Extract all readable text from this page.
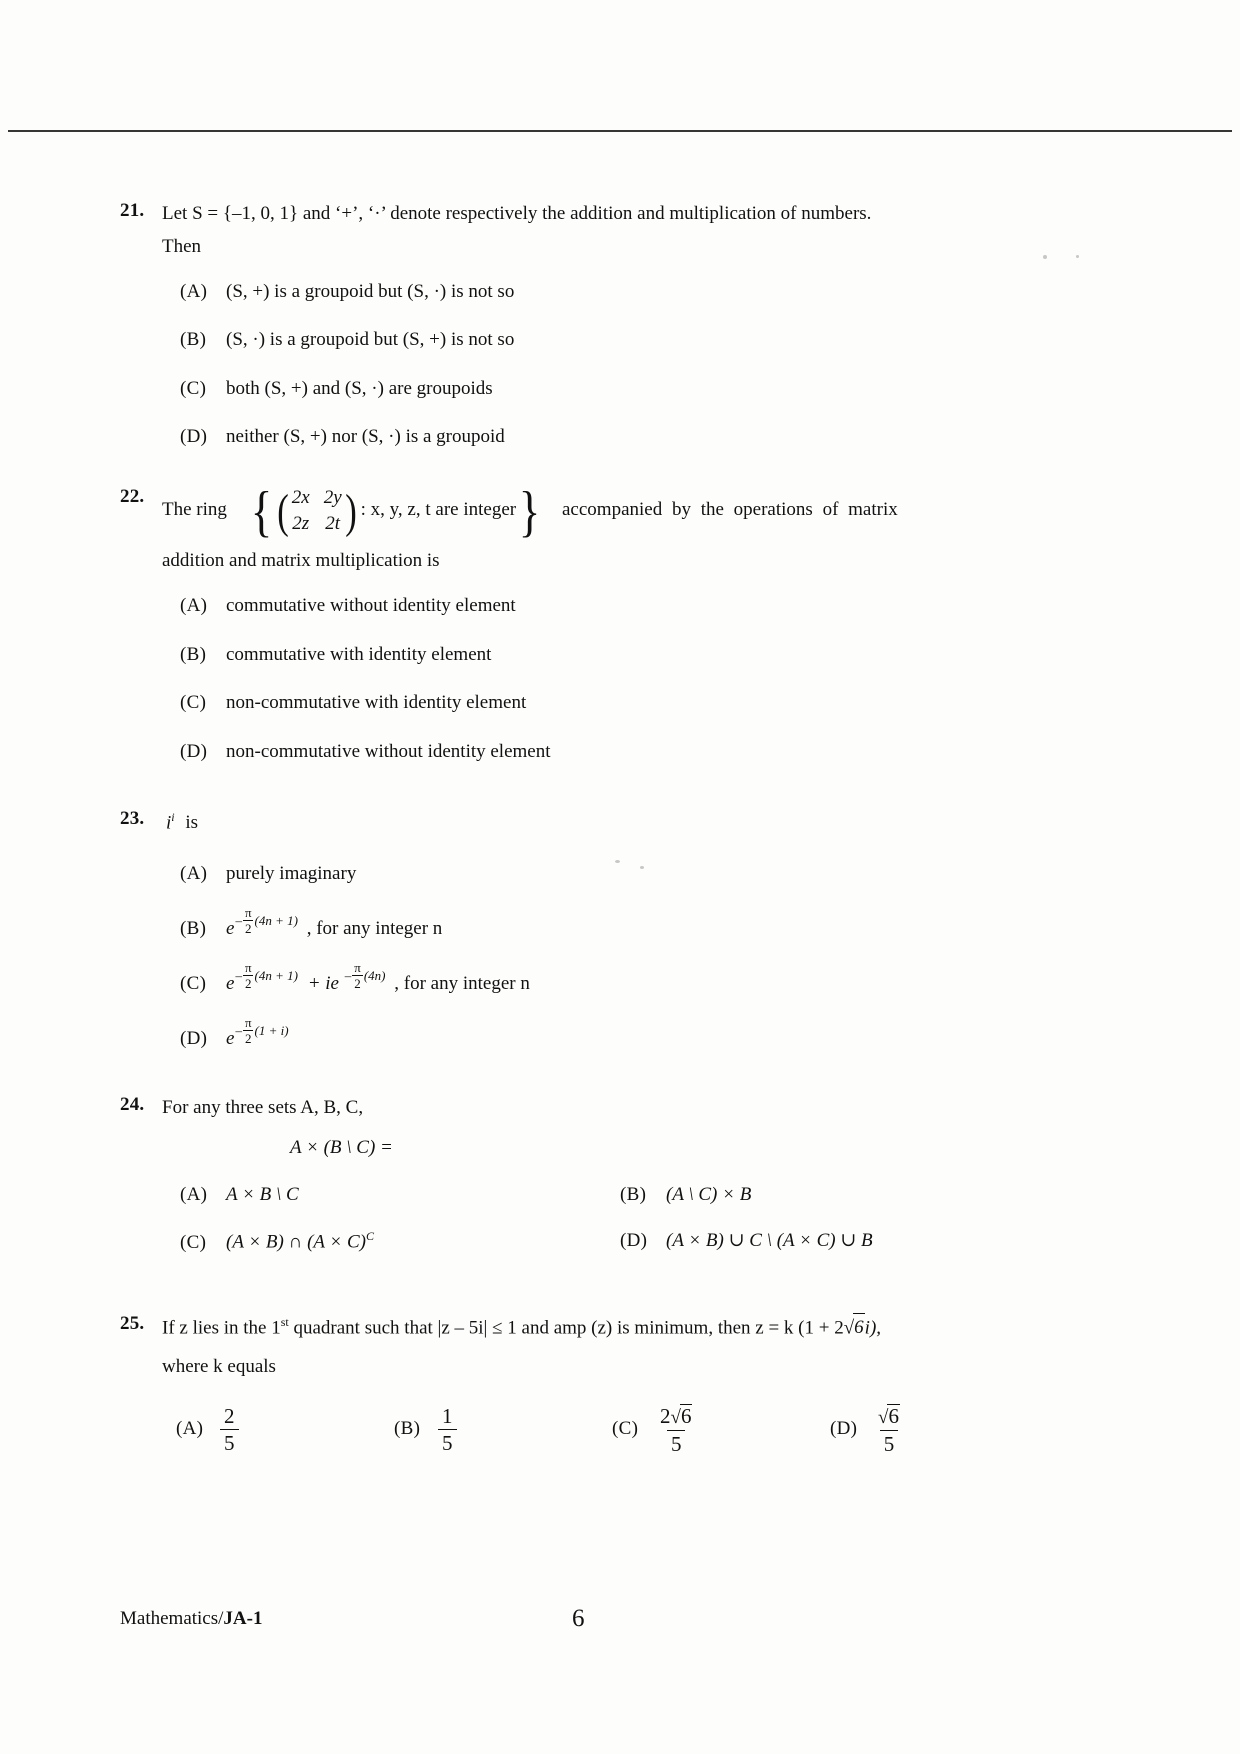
21. Let S = {–1, 0, 1} and ‘+’, ‘·’ denote respectively the addition and multiplication of numbers.
Then
(A) (S, +) is a groupoid but (S, ·) is not so
(B)	(S, ·) is a groupoid but (S, +) is not so
(C)	both (S, +) and (S, ·) are groupoids
(D) neither (S, +) nor (S, ·) is a groupoid
22.
The ring { ( 2x 2y
2z 2t ) : x, y, z, t are integer } accompanied by the operations of matrix
addition and matrix multiplication is
(A) commutative without identity element
(B)	commutative with identity element
(C)	non-commutative with identity element
(D) non-commutative without identity element
23.	$i^i$ is
(A) purely imaginary
(B)	$e - \frac{\pi}{2} (4n + 1)$ , for any integer n
(C)	$e - \frac{\pi}{2} (4n + 1)$ + ie – $\frac{\pi}{2} (4n)$ , for any integer n
(D) $e - \frac{\pi}{2} (1 + i)$
24. For any three sets A, B, C,
A × (B \ C) =
(A) A × B \ C	(B)	(A \ C) × B
(C)	(A × B) ∩ $(A \times C)^C$	(D) (A × B) ∪ C \ (A × C) ∪ B
25. If z lies in the 1st quadrant such that |z – 5i| ≤ 1 and amp (z) is minimum, then z = k (1 + 2√6i),
where k equals
$(A) \frac{2}{5}$	$(B) \frac{1}{5}$	$(C) \frac{2√6}{5}$	$(D) \frac{√6}{5}$
Mathematics/JA-1	6
